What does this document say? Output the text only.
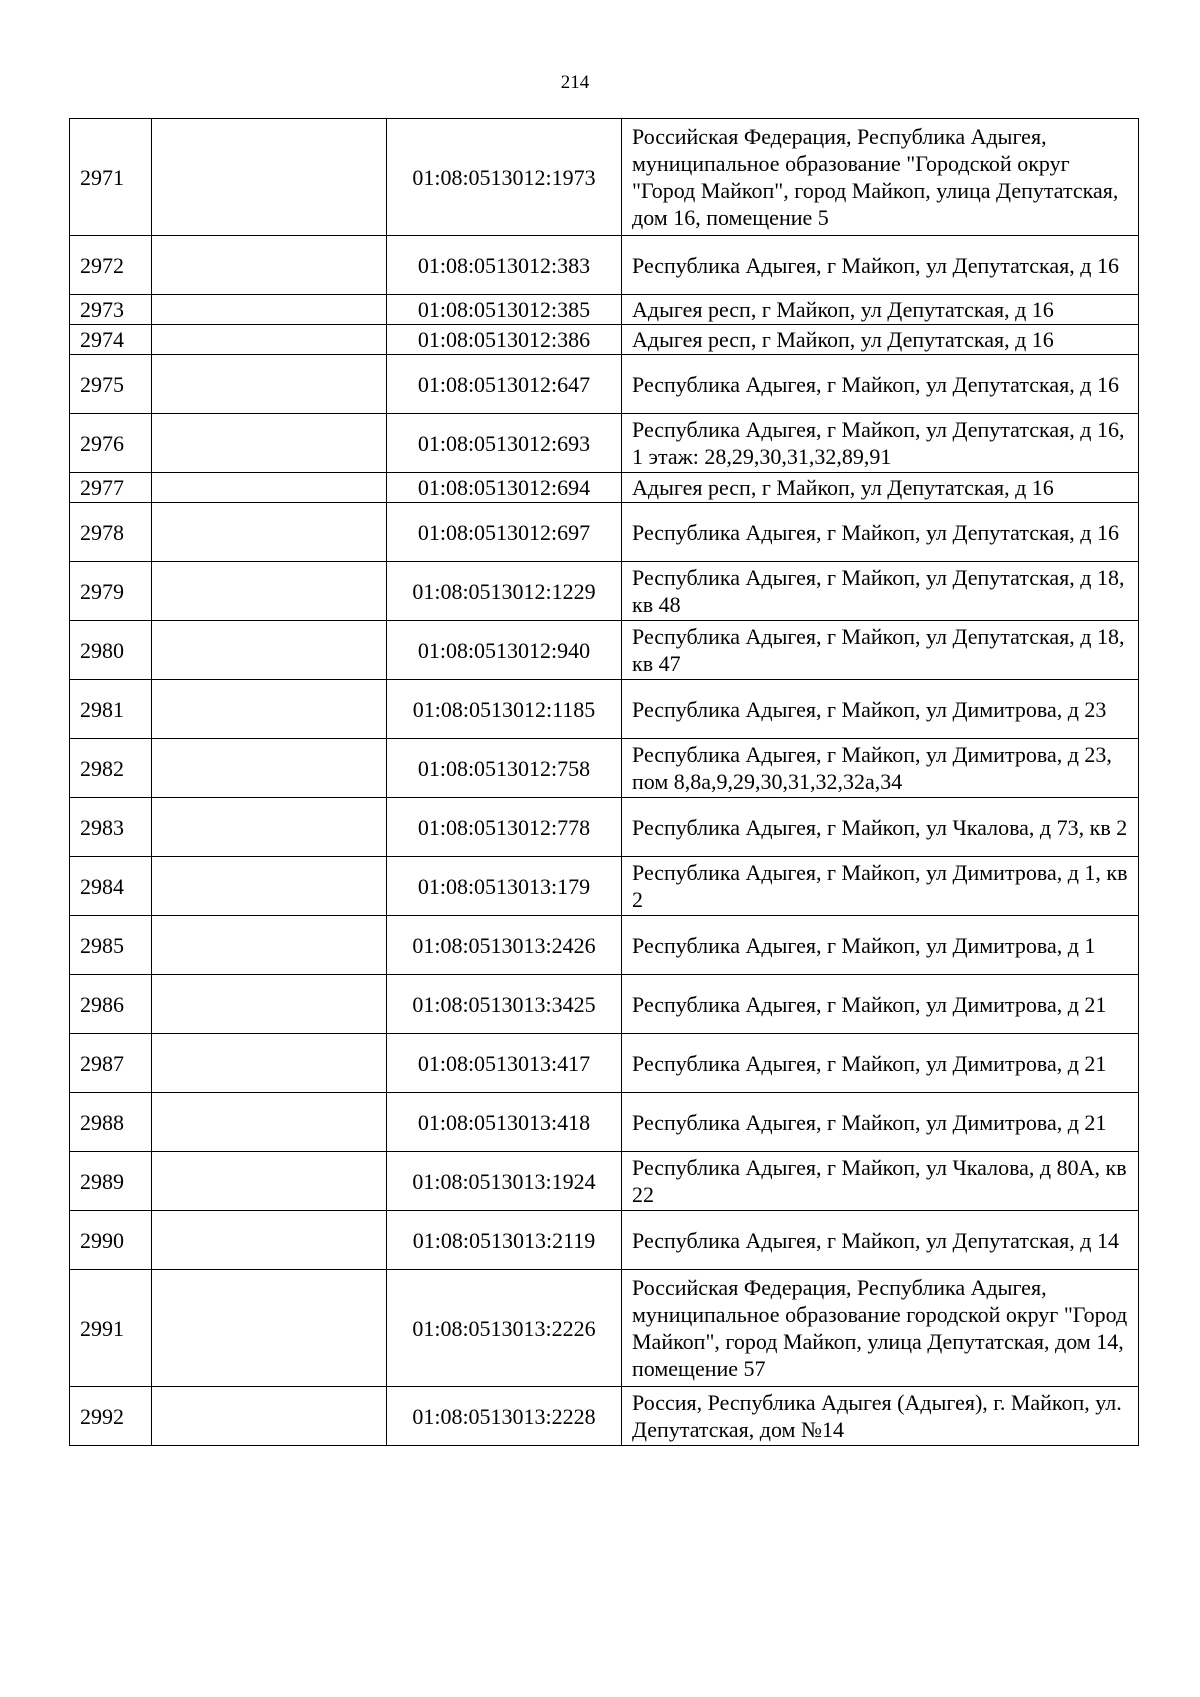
214
2971		01:08:0513012:1973	Российская Федерация, Республика Адыгея, муниципальное образование "Городской округ "Город Майкоп", город Майкоп, улица Депутатская, дом 16, помещение 5
2972		01:08:0513012:383	Республика Адыгея, г Майкоп, ул Депутатская, д 16
2973		01:08:0513012:385	Адыгея респ, г Майкоп, ул Депутатская, д 16
2974		01:08:0513012:386	Адыгея респ, г Майкоп, ул Депутатская, д 16
2975		01:08:0513012:647	Республика Адыгея, г Майкоп, ул Депутатская, д 16
2976		01:08:0513012:693	Республика Адыгея, г Майкоп, ул Депутатская, д 16, 1 этаж: 28,29,30,31,32,89,91
2977		01:08:0513012:694	Адыгея респ, г Майкоп, ул Депутатская, д 16
2978		01:08:0513012:697	Республика Адыгея, г Майкоп, ул Депутатская, д 16
2979		01:08:0513012:1229	Республика Адыгея, г Майкоп, ул Депутатская, д 18, кв 48
2980		01:08:0513012:940	Республика Адыгея, г Майкоп, ул Депутатская, д 18, кв 47
2981		01:08:0513012:1185	Республика Адыгея, г Майкоп, ул Димитрова, д 23
2982		01:08:0513012:758	Республика Адыгея, г Майкоп, ул Димитрова, д 23, пом 8,8а,9,29,30,31,32,32а,34
2983		01:08:0513012:778	Республика Адыгея, г Майкоп, ул Чкалова, д 73, кв 2
2984		01:08:0513013:179	Республика Адыгея, г Майкоп, ул Димитрова, д 1, кв 2
2985		01:08:0513013:2426	Республика Адыгея, г Майкоп, ул Димитрова, д 1
2986		01:08:0513013:3425	Республика Адыгея, г Майкоп, ул Димитрова, д 21
2987		01:08:0513013:417	Республика Адыгея, г Майкоп, ул Димитрова, д 21
2988		01:08:0513013:418	Республика Адыгея, г Майкоп, ул Димитрова, д 21
2989		01:08:0513013:1924	Республика Адыгея, г Майкоп, ул Чкалова, д 80А, кв 22
2990		01:08:0513013:2119	Республика Адыгея, г Майкоп, ул Депутатская, д 14
2991		01:08:0513013:2226	Российская Федерация, Республика Адыгея, муниципальное образование городской округ "Город Майкоп", город Майкоп, улица Депутатская, дом 14, помещение 57
2992		01:08:0513013:2228	Россия, Республика Адыгея (Адыгея), г. Майкоп, ул. Депутатская, дом №14
